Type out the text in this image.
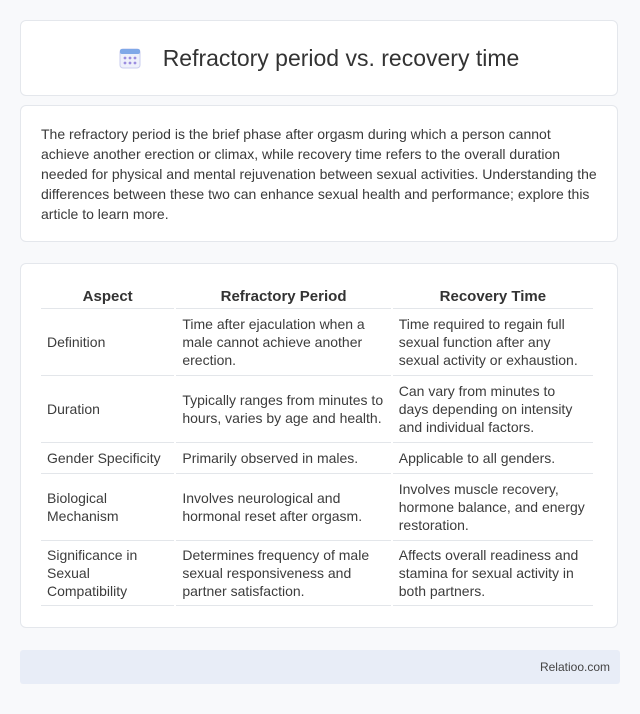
Refractory period vs. recovery time

The refractory period is the brief phase after orgasm during which a person cannot achieve another erection or climax, while recovery time refers to the overall duration needed for physical and mental rejuvenation between sexual activities. Understanding the differences between these two can enhance sexual health and performance; explore this article to learn more.

Aspect	Refractory Period	Recovery Time
Definition	Time after ejaculation when a male cannot achieve another erection.	Time required to regain full sexual function after any sexual activity or exhaustion.
Duration	Typically ranges from minutes to hours, varies by age and health.	Can vary from minutes to days depending on intensity and individual factors.
Gender Specificity	Primarily observed in males.	Applicable to all genders.
Biological Mechanism	Involves neurological and hormonal reset after orgasm.	Involves muscle recovery, hormone balance, and energy restoration.
Significance in Sexual Compatibility	Determines frequency of male sexual responsiveness and partner satisfaction.	Affects overall readiness and stamina for sexual activity in both partners.
Relatioo.com
